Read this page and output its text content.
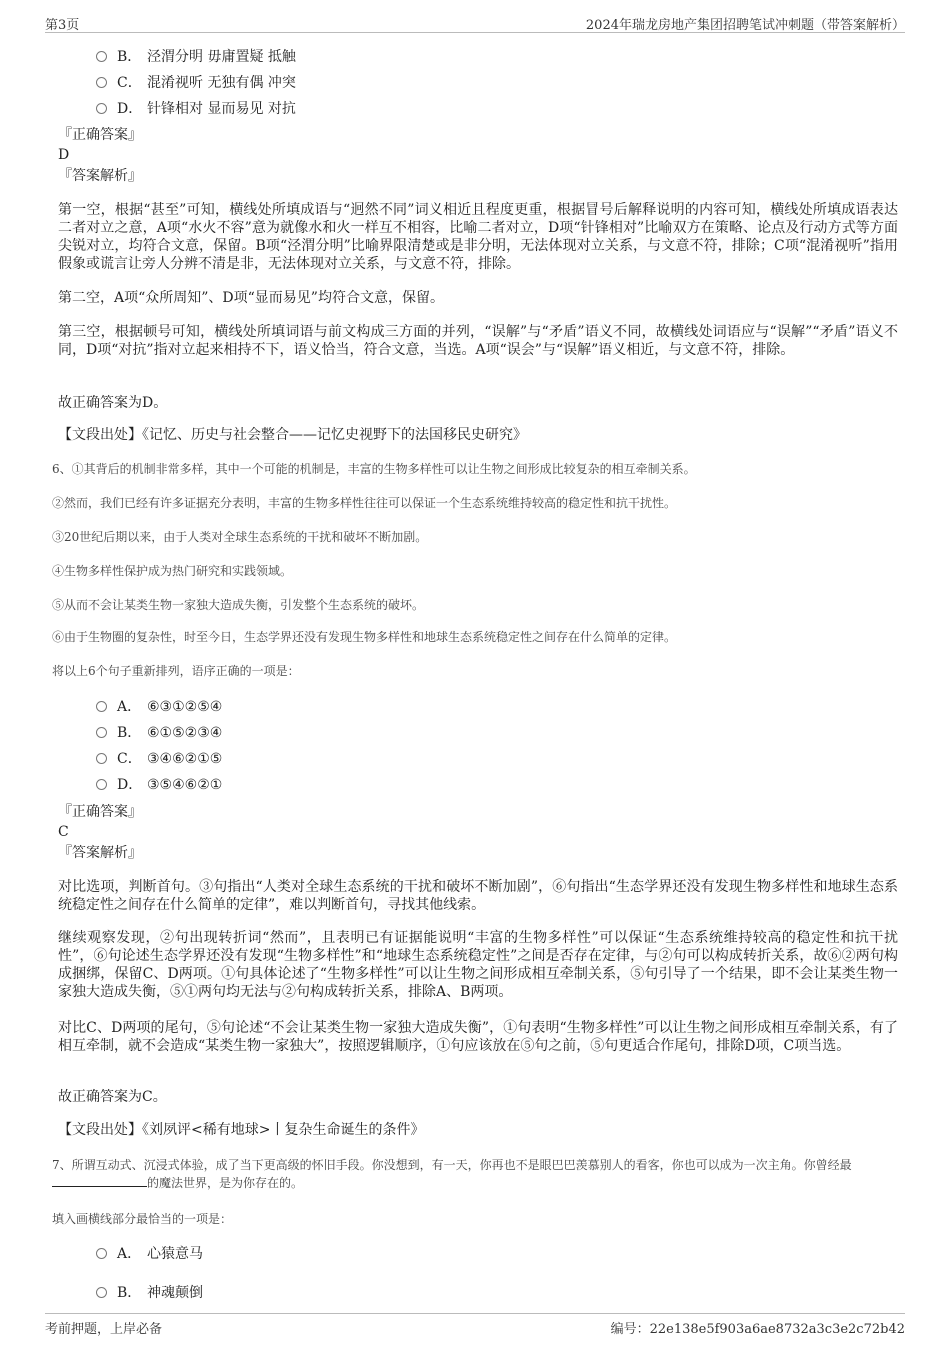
第3页	2024年瑞龙房地产集团招聘笔试冲刺题（带答案解析）
B． 泾渭分明 毋庸置疑 抵触
C． 混淆视听 无独有偶 冲突
D． 针锋相对 显而易见 对抗
『正确答案』
D
『答案解析』
第一空，根据“甚至”可知，横线处所填成语与“迥然不同”词义相近且程度更重，根据冒号后解释说明的内容可知，横线处所填成语表达二者对立之意，A项“水火不容”意为就像水和火一样互不相容，比喻二者对立，D项“针锋相对”比喻双方在策略、论点及行动方式等方面尖锐对立，均符合文意，保留。B项“泾渭分明”比喻界限清楚或是非分明，无法体现对立关系，与文意不符，排除；C项“混淆视听”指用假象或谎言让旁人分辨不清是非，无法体现对立关系，与文意不符，排除。
第二空，A项“众所周知”、D项“显而易见”均符合文意，保留。
第三空，根据顿号可知，横线处所填词语与前文构成三方面的并列，“误解”与“矛盾”语义不同，故横线处词语应与“误解”“矛盾”语义不同，D项“对抗”指对立起来相持不下，语义恰当，符合文意，当选。A项“误会”与“误解”语义相近，与文意不符，排除。
故正确答案为D。
【文段出处】《记忆、历史与社会整合——记忆史视野下的法国移民史研究》
6、①其背后的机制非常多样，其中一个可能的机制是，丰富的生物多样性可以让生物之间形成比较复杂的相互牵制关系。
②然而，我们已经有许多证据充分表明，丰富的生物多样性往往可以保证一个生态系统维持较高的稳定性和抗干扰性。
③20世纪后期以来，由于人类对全球生态系统的干扰和破坏不断加剧。
④生物多样性保护成为热门研究和实践领域。
⑤从而不会让某类生物一家独大造成失衡，引发整个生态系统的破坏。
⑥由于生物圈的复杂性，时至今日，生态学界还没有发现生物多样性和地球生态系统稳定性之间存在什么简单的定律。
将以上6个句子重新排列，语序正确的一项是：
A． ⑥③①②⑤④
B． ⑥①⑤②③④
C． ③④⑥②①⑤
D． ③⑤④⑥②①
『正确答案』
C
『答案解析』
对比选项，判断首句。③句指出“人类对全球生态系统的干扰和破坏不断加剧”，⑥句指出“生态学界还没有发现生物多样性和地球生态系统稳定性之间存在什么简单的定律”，难以判断首句，寻找其他线索。
继续观察发现，②句出现转折词“然而”，且表明已有证据能说明“丰富的生物多样性”可以保证“生态系统维持较高的稳定性和抗干扰性”，⑥句论述生态学界还没有发现“生物多样性”和“地球生态系统稳定性”之间是否存在定律，与②句可以构成转折关系，故⑥②两句构成捆绑，保留C、D两项。①句具体论述了“生物多样性”可以让生物之间形成相互牵制关系，⑤句引导了一个结果，即不会让某类生物一家独大造成失衡，⑤①两句均无法与②句构成转折关系，排除A、B两项。
对比C、D两项的尾句，⑤句论述“不会让某类生物一家独大造成失衡”，①句表明“生物多样性”可以让生物之间形成相互牵制关系，有了相互牵制，就不会造成“某类生物一家独大”，按照逻辑顺序，①句应该放在⑤句之前，⑤句更适合作尾句，排除D项，C项当选。
故正确答案为C。
【文段出处】《刘夙评<稀有地球>丨复杂生命诞生的条件》
7、所谓互动式、沉浸式体验，成了当下更高级的怀旧手段。你没想到，有一天，你再也不是眼巴巴羡慕别人的看客，你也可以成为一次主角。你曾经最的魔法世界，是为你存在的。
填入画横线部分最恰当的一项是：
A． 心猿意马
B． 神魂颠倒
考前押题，上岸必备	编号：22e138e5f903a6ae8732a3c3e2c72b42
